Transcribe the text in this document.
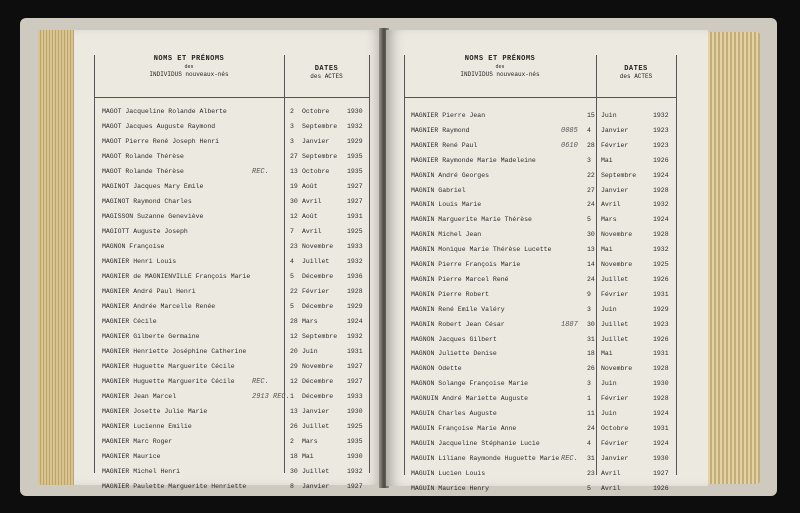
NOMS ET PRÉNOMS
des
INDIVIDUS nouveaux-nés
DATES
des ACTES
MAGOT Jacqueline Rolande Alberte	2 Octobre	1930
MAGOT Jacques Auguste Raymond	3 Septembre 1932
MAGOT Pierre René Joseph Henri	3 Janvier	1929
MAGOT Rolande Thérèse	27 Septembre 1935
MAGOT Rolande Thérèse	REC.	13 Octobre	1935
MAGINOT Jacques Mary Emile	19 Août	1927
MAGINOT Raymond Charles	30 Avril	1927
MAGISSON Suzanne Geneviève	12 Août	1931
MAGIOTT Auguste Joseph	7 Avril	1925
MAGNON Françoise	23 Novembre 1933
MAGNIER Henri Louis	4 Juillet	1932
MAGNIER de MAGNIENVILLE François Marie	5 Décembre 1936
MAGNIER André Paul Henri	22 Février	1928
MAGNIER Andrée Marcelle Renée	5 Décembre 1929
MAGNIER Cécile	28 Mars	1924
MAGNIER Gilberte Germaine	12 Septembre 1932
MAGNIER Henriette Joséphine Catherine	20 Juin	1931
MAGNIER Huguette Marguerite Cécile	29 Novembre 1927
MAGNIER Huguette Marguerite Cécile REC.	12 Décembre 1927
MAGNIER Jean Marcel	2913 REC. 1 Décembre 1933
MAGNIER Josette Julie Marie	13 Janvier	1930
MAGNIER Lucienne Emilie	26 Juillet	1925
MAGNIER Marc Roger	2 Mars	1935
MAGNIER Maurice	18 Mai	1930
MAGNIER Michel Henri	30 Juillet	1932
MAGNIER Paulette Marguerite Henriette	8 Janvier	1927
NOMS ET PRÉNOMS
des
INDIVIDUS nouveaux-nés
DATES
des ACTES
MAGNIER Pierre Jean	15 Juin	1932
MAGNIER Raymond	0085 4 Janvier	1923
MAGNIER René Paul	0610 28 Février	1923
MAGNIER Raymonde Marie Madeleine	3 Mai	1926
MAGNIN André Georges	22 Septembre	1924
MAGNIN Gabriel	27 Janvier	1928
MAGNIN Louis Marie	24 Avril	1932
MAGNIN Marguerite Marie Thérèse	5 Mars	1924
MAGNIN Michel Jean	30 Novembre	1928
MAGNIN Monique Marie Thérèse Lucette	13 Mai	1932
MAGNIN Pierre François Marie	14 Novembre	1925
MAGNIN Pierre Marcel René	24 Juillet	1926
MAGNIN Pierre Robert	9 Février	1931
MAGNIN René Emile Valéry	3 Juin	1929
MAGNIN Robert Jean César	1887 30 Juillet	1923
MAGNON Jacques Gilbert	31 Juillet	1926
MAGNON Juliette Denise	18 Mai	1931
MAGNON Odette	26 Novembre	1928
MAGNON Solange Françoise Marie	3 Juin	1930
MAGNUIN André Mariette Auguste	1 Février	1928
MAGUIN Charles Auguste	11 Juin	1924
MAGUIN Françoise Marie Anne	24 Octobre	1931
MAGUIN Jacqueline Stéphanie Lucie	4 Février	1924
MAGUIN Liliane Raymonde Huguette Marie REC. 31 Janvier	1930
MAGUIN Lucien Louis	23 Avril	1927
MAGUIN Maurice Henry	5 Avril	1926
